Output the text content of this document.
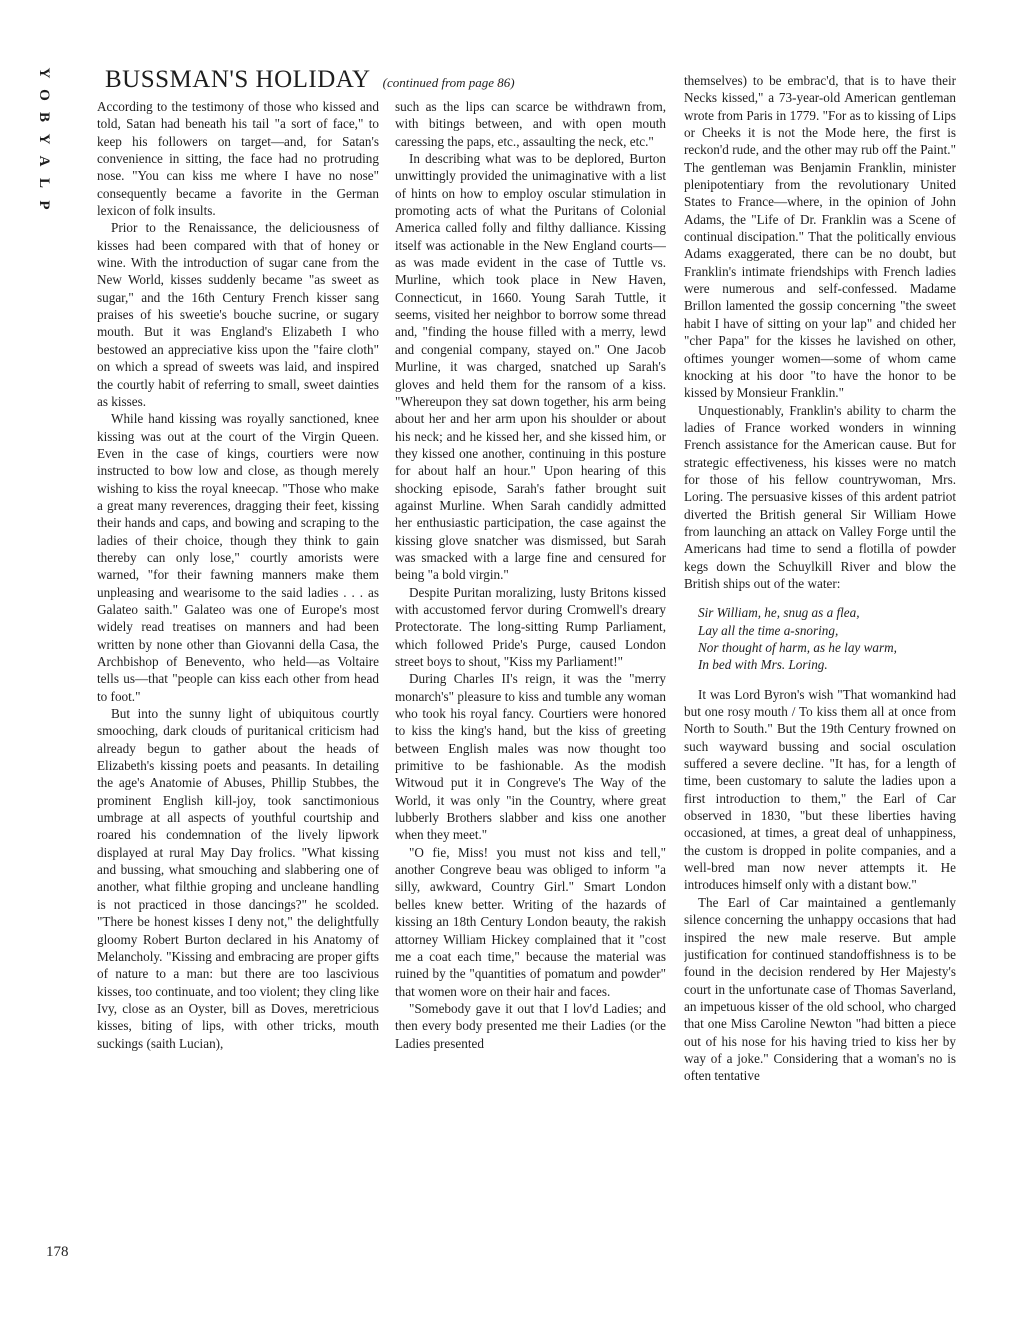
Y
O
B
Y
A
L
P
BUSSMAN'S HOLIDAY (continued from page 86)

According to the testimony of those who kissed and told, Satan had beneath his tail "a sort of face," to keep his followers on target—and, for Satan's convenience in sitting, the face had no protruding nose. "You can kiss me where I have no nose" consequently became a favorite in the German lexicon of folk insults.

Prior to the Renaissance, the deliciousness of kisses had been compared with that of honey or wine. With the introduction of sugar cane from the New World, kisses suddenly became "as sweet as sugar," and the 16th Century French kisser sang praises of his sweetie's bouche sucrine, or sugary mouth. But it was England's Elizabeth I who bestowed an appreciative kiss upon the "faire cloth" on which a spread of sweets was laid, and inspired the courtly habit of referring to small, sweet dainties as kisses.

While hand kissing was royally sanctioned, knee kissing was out at the court of the Virgin Queen. Even in the case of kings, courtiers were now instructed to bow low and close, as though merely wishing to kiss the royal kneecap. "Those who make a great many reverences, dragging their feet, kissing their hands and caps, and bowing and scraping to the ladies of their choice, though they think to gain thereby can only lose," courtly amorists were warned, "for their fawning manners make them unpleasing and wearisome to the said ladies . . . as Galateo saith." Galateo was one of Europe's most widely read treatises on manners and had been written by none other than Giovanni della Casa, the Archbishop of Benevento, who held—as Voltaire tells us—that "people can kiss each other from head to foot."

But into the sunny light of ubiquitous courtly smooching, dark clouds of puritanical criticism had already begun to gather about the heads of Elizabeth's kissing poets and peasants. In detailing the age's Anatomie of Abuses, Phillip Stubbes, the prominent English kill-joy, took sanctimonious umbrage at all aspects of youthful courtship and roared his condemnation of the lively lipwork displayed at rural May Day frolics. "What kissing and bussing, what smouching and slabbering one of another, what filthie groping and uncleane handling is not practiced in those dancings?" he scolded. "There be honest kisses I deny not," the delightfully gloomy Robert Burton declared in his Anatomy of Melancholy. "Kissing and embracing are proper gifts of nature to a man: but there are too lascivious kisses, too continuate, and too violent; they cling like Ivy, close as an Oyster, bill as Doves, meretricious kisses, biting of lips, with other tricks, mouth suckings (saith Lucian),

such as the lips can scarce be withdrawn from, with bitings between, and with open mouth caressing the paps, etc., assaulting the neck, etc."

In describing what was to be deplored, Burton unwittingly provided the unimaginative with a list of hints on how to employ oscular stimulation in promoting acts of what the Puritans of Colonial America called folly and filthy dalliance. Kissing itself was actionable in the New England courts—as was made evident in the case of Tuttle vs. Murline, which took place in New Haven, Connecticut, in 1660. Young Sarah Tuttle, it seems, visited her neighbor to borrow some thread and, "finding the house filled with a merry, lewd and congenial company, stayed on." One Jacob Murline, it was charged, snatched up Sarah's gloves and held them for the ransom of a kiss. "Whereupon they sat down together, his arm being about her and her arm upon his shoulder or about his neck; and he kissed her, and she kissed him, or they kissed one another, continuing in this posture for about half an hour." Upon hearing of this shocking episode, Sarah's father brought suit against Murline. When Sarah candidly admitted her enthusiastic participation, the case against the kissing glove snatcher was dismissed, but Sarah was smacked with a large fine and censured for being "a bold virgin."

Despite Puritan moralizing, lusty Britons kissed with accustomed fervor during Cromwell's dreary Protectorate. The long-sitting Rump Parliament, which followed Pride's Purge, caused London street boys to shout, "Kiss my Parliament!"

During Charles II's reign, it was the "merry monarch's" pleasure to kiss and tumble any woman who took his royal fancy. Courtiers were honored to kiss the king's hand, but the kiss of greeting between English males was now thought too primitive to be fashionable. As the modish Witwoud put it in Congreve's The Way of the World, it was only "in the Country, where great lubberly Brothers slabber and kiss one another when they meet."

"O fie, Miss! you must not kiss and tell," another Congreve beau was obliged to inform "a silly, awkward, Country Girl." Smart London belles knew better. Writing of the hazards of kissing an 18th Century London beauty, the rakish attorney William Hickey complained that it "cost me a coat each time," because the material was ruined by the "quantities of pomatum and powder" that women wore on their hair and faces.

"Somebody gave it out that I lov'd Ladies; and then every body presented me their Ladies (or the Ladies presented

themselves) to be embrac'd, that is to have their Necks kissed," a 73-year-old American gentleman wrote from Paris in 1779. "For as to kissing of Lips or Cheeks it is not the Mode here, the first is reckon'd rude, and the other may rub off the Paint." The gentleman was Benjamin Franklin, minister plenipotentiary from the revolutionary United States to France—where, in the opinion of John Adams, the "Life of Dr. Franklin was a Scene of continual discipation." That the politically envious Adams exaggerated, there can be no doubt, but Franklin's intimate friendships with French ladies were numerous and self-confessed. Madame Brillon lamented the gossip concerning "the sweet habit I have of sitting on your lap" and chided her "cher Papa" for the kisses he lavished on other, oftimes younger women—some of whom came knocking at his door "to have the honor to be kissed by Monsieur Franklin."

Unquestionably, Franklin's ability to charm the ladies of France worked wonders in winning French assistance for the American cause. But for strategic effectiveness, his kisses were no match for those of his fellow countrywoman, Mrs. Loring. The persuasive kisses of this ardent patriot diverted the British general Sir William Howe from launching an attack on Valley Forge until the Americans had time to send a flotilla of powder kegs down the Schuylkill River and blow the British ships out of the water:

Sir William, he, snug as a flea,
Lay all the time a-snoring,
Nor thought of harm, as he lay warm,
In bed with Mrs. Loring.

It was Lord Byron's wish "That womankind had but one rosy mouth / To kiss them all at once from North to South." But the 19th Century frowned on such wayward bussing and social osculation suffered a severe decline. "It has, for a length of time, been customary to salute the ladies upon a first introduction to them," the Earl of Car observed in 1830, "but these liberties having occasioned, at times, a great deal of unhappiness, the custom is dropped in polite companies, and a well-bred man now never attempts it. He introduces himself only with a distant bow."

The Earl of Car maintained a gentlemanly silence concerning the unhappy occasions that had inspired the new male reserve. But ample justification for continued standoffishness is to be found in the decision rendered by Her Majesty's court in the unfortunate case of Thomas Saverland, an impetuous kisser of the old school, who charged that one Miss Caroline Newton "had bitten a piece out of his nose for his having tried to kiss her by way of a joke." Considering that a woman's no is often tentative

178
